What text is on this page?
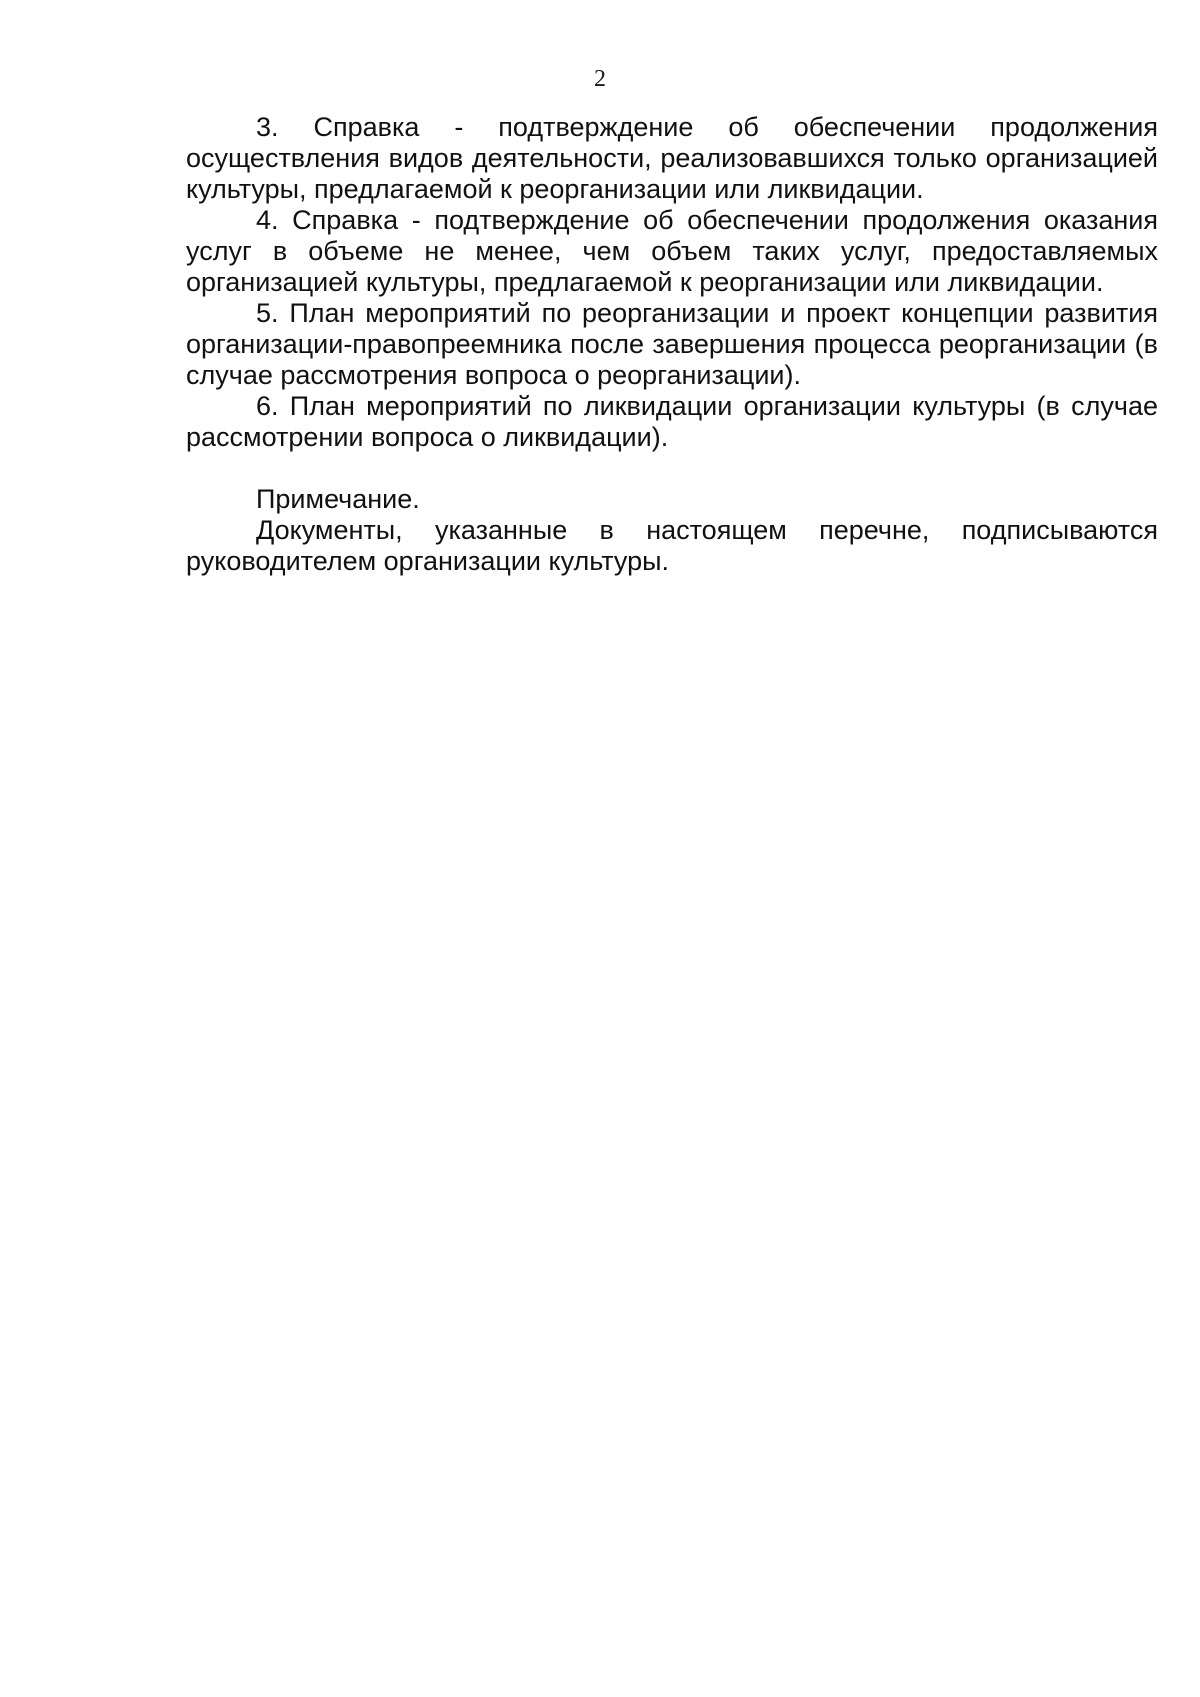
2

3. Справка - подтверждение об обеспечении продолжения осуществления видов деятельности, реализовавшихся только организацией культуры, предлагаемой к реорганизации или ликвидации.

4. Справка - подтверждение об обеспечении продолжения оказания услуг в объеме не менее, чем объем таких услуг, предоставляемых организацией культуры, предлагаемой к реорганизации или ликвидации.

5. План мероприятий по реорганизации и проект концепции развития организации-правопреемника после завершения процесса реорганизации (в случае рассмотрения вопроса о реорганизации).

6. План мероприятий по ликвидации организации культуры (в случае рассмотрении вопроса о ликвидации).

Примечание.

Документы, указанные в настоящем перечне, подписываются руководителем организации культуры.
